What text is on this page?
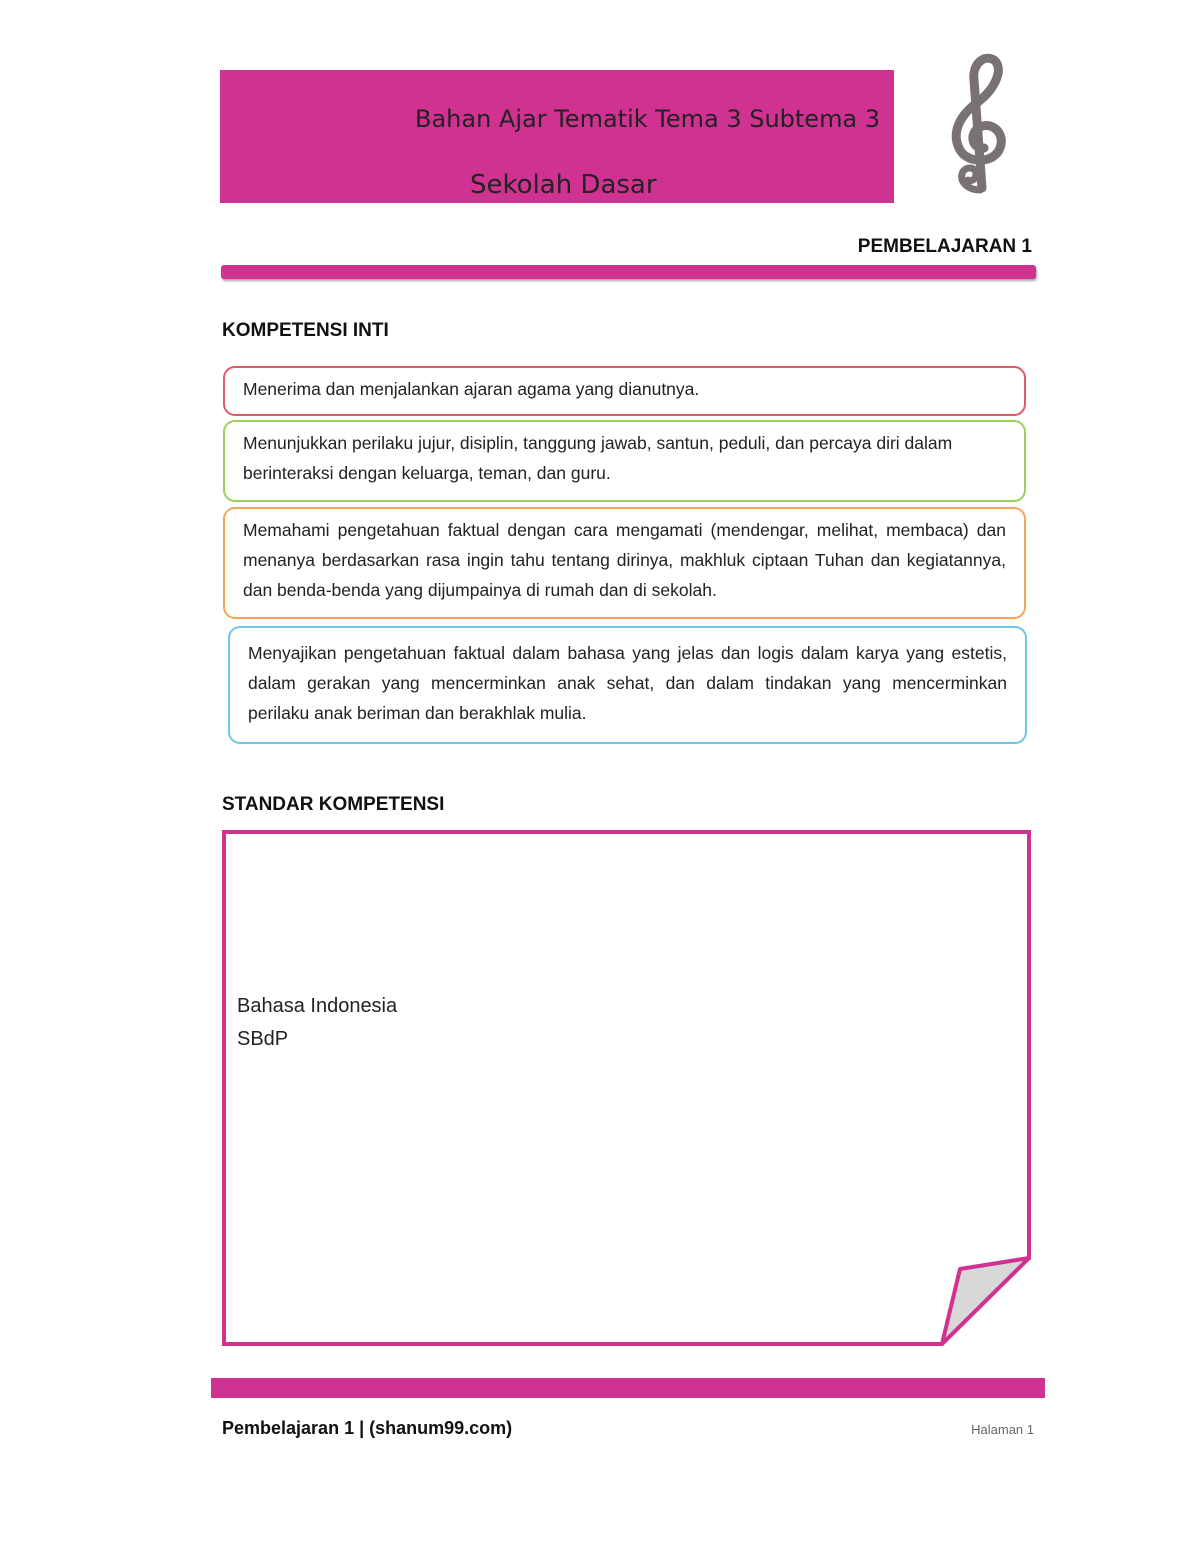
Bahan Ajar Tematik Tema 3 Subtema 3
Sekolah Dasar
PEMBELAJARAN 1
KOMPETENSI INTI
Menerima dan menjalankan ajaran agama yang dianutnya.
Menunjukkan perilaku jujur, disiplin, tanggung jawab, santun, peduli, dan percaya diri dalam berinteraksi dengan keluarga, teman, dan guru.
Memahami pengetahuan faktual dengan cara mengamati (mendengar, melihat, membaca) dan menanya berdasarkan rasa ingin tahu tentang dirinya, makhluk ciptaan Tuhan dan kegiatannya, dan benda-benda yang dijumpainya di rumah dan di sekolah.
Menyajikan pengetahuan faktual dalam bahasa yang jelas dan logis dalam karya yang estetis, dalam gerakan yang mencerminkan anak sehat, dan dalam tindakan yang mencerminkan perilaku anak beriman dan berakhlak mulia.
STANDAR KOMPETENSI
Bahasa Indonesia
SBdP
Pembelajaran 1 | (shanum99.com)	Halaman 1
